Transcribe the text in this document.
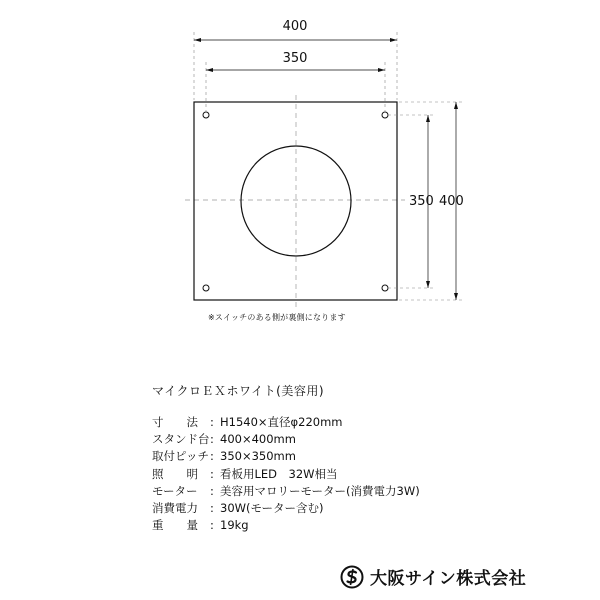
400
350
350 400
※スイッチのある側が裏側になります
マイクロＥＸホワイト(美容用)
寸　　法 : H1540×直径φ220mm
スタンド台: 400×400mm
取付ピッチ: 350×350mm
照　　明 : 看板用LED　32W相当
モーター : 美容用マロリーモーター(消費電力3W)
消費電力 : 30W(モーター含む)
重　　量 : 19kg
大阪サイン株式会社
